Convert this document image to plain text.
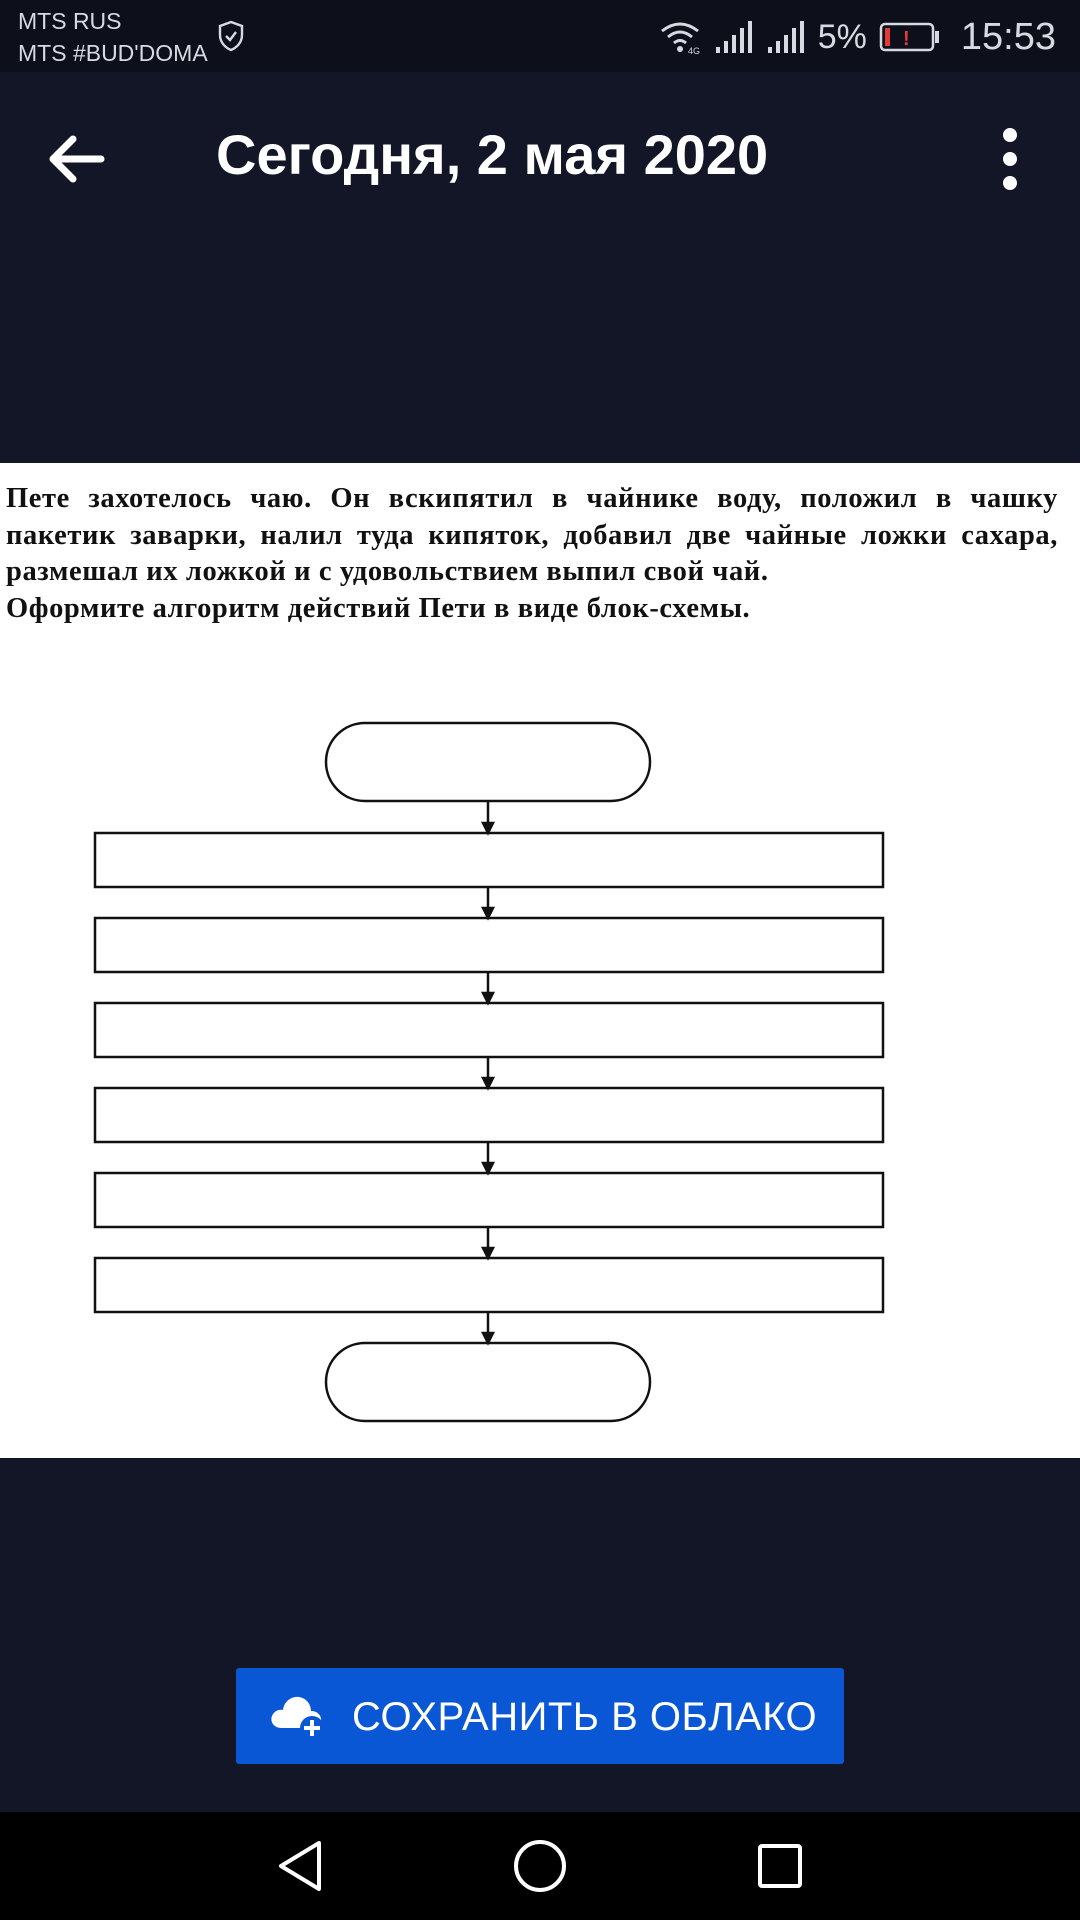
MTS RUS
MTS #BUD'DOMA	4G	5% ! 15:53
Сегодня, 2 мая 2020

Пете захотелось чаю. Он вскипятил в чайнике воду, положил в чашку пакетик заварки, налил туда кипяток, добавил две чайные ложки сахара, размешал их ложкой и с удовольствием выпил свой чай.

Оформите алгоритм действий Пети в виде блок-схемы.

СОХРАНИТЬ В ОБЛАКО
